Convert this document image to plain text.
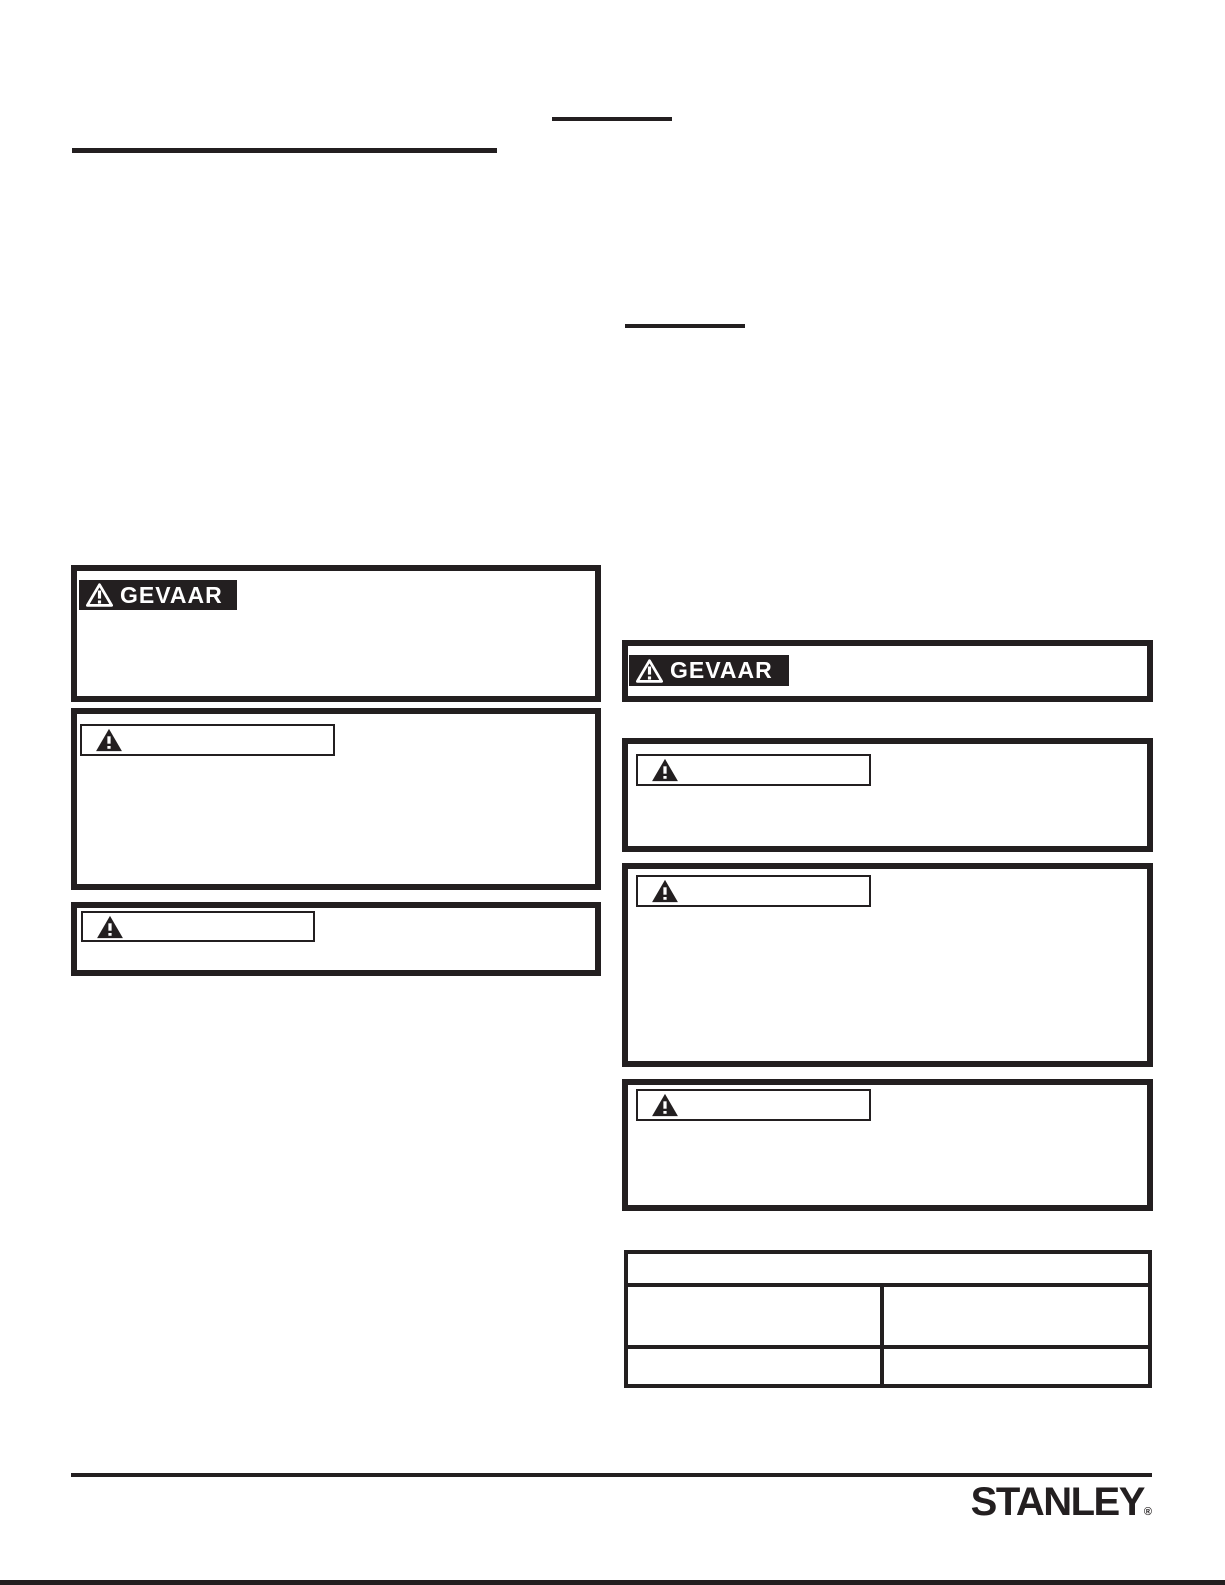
GEVAAR
GEVAAR
STANLEY®
